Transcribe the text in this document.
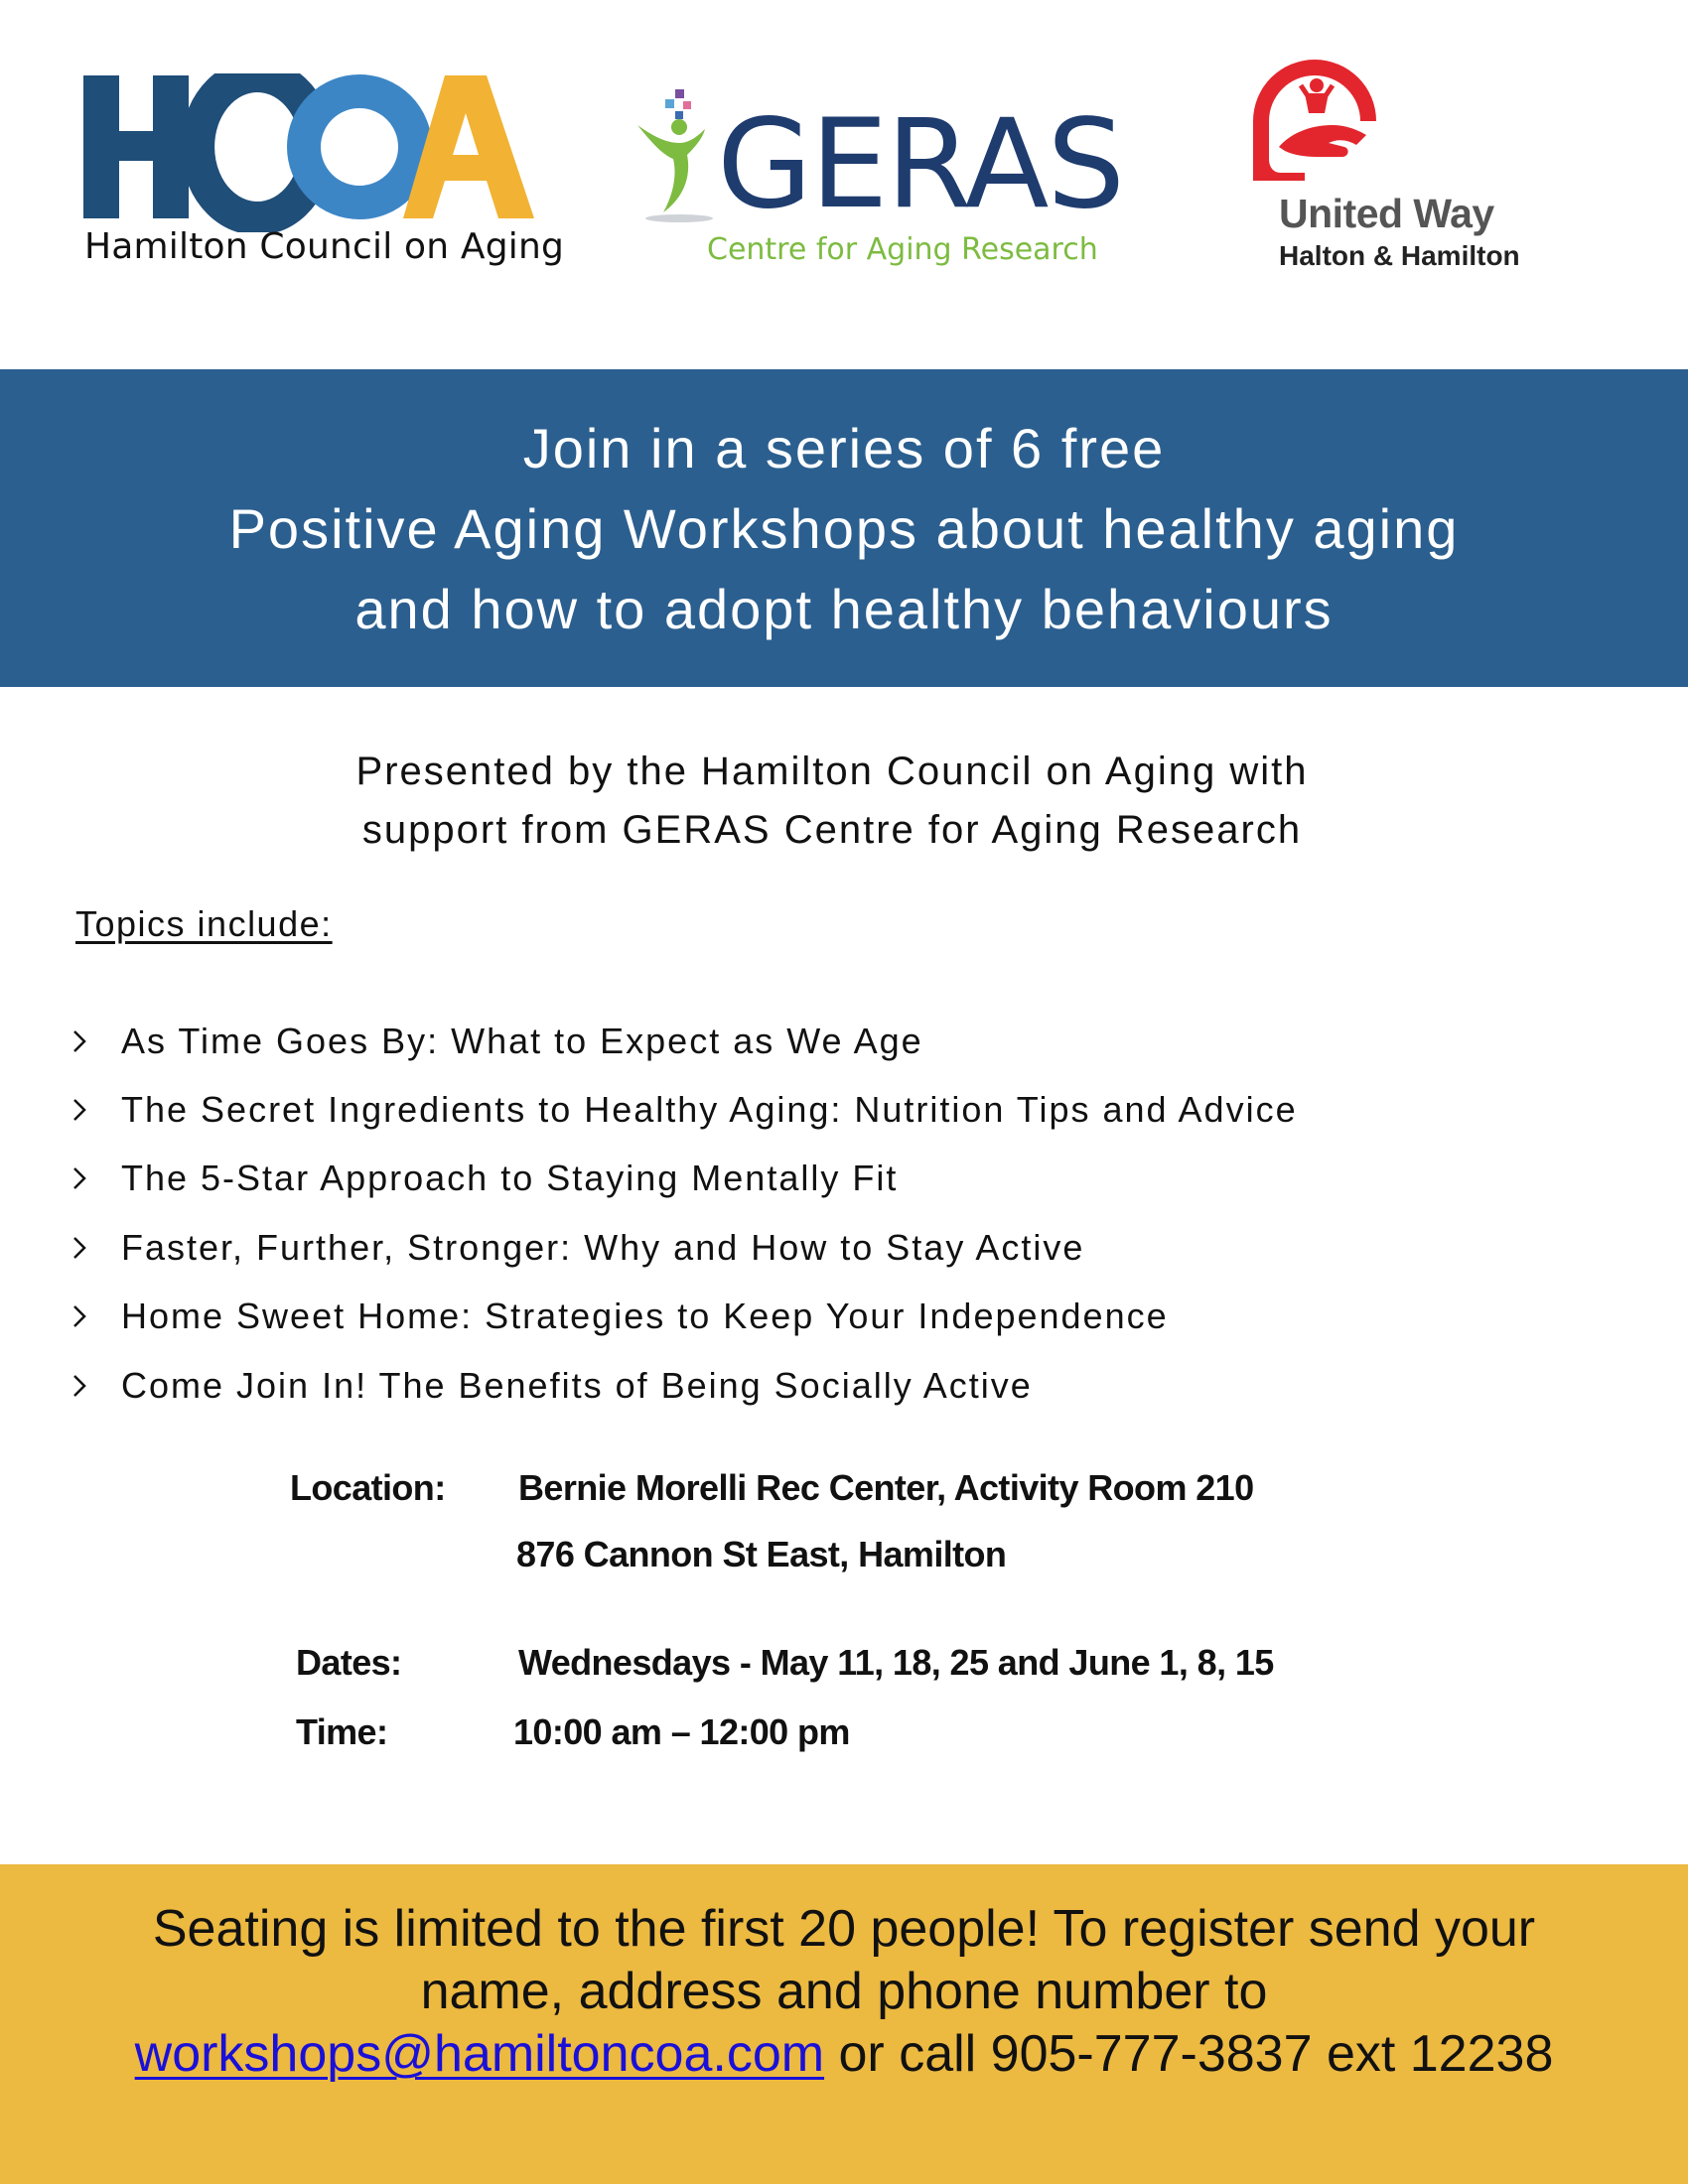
Hamilton Council on Aging
GERAS
Centre for Aging Research
United Way
Halton & Hamilton
Join in a series of 6 free
Positive Aging Workshops about healthy aging
and how to adopt healthy behaviours
Presented by the Hamilton Council on Aging with
support from GERAS Centre for Aging Research
Topics include:
As Time Goes By: What to Expect as We Age
The Secret Ingredients to Healthy Aging: Nutrition Tips and Advice
The 5-Star Approach to Staying Mentally Fit
Faster, Further, Stronger: Why and How to Stay Active
Home Sweet Home: Strategies to Keep Your Independence
Come Join In! The Benefits of Being Socially Active
Location: Bernie Morelli Rec Center, Activity Room 210
876 Cannon St East, Hamilton
Dates:	Wednesdays - May 11, 18, 25 and June 1, 8, 15
Time:	10:00 am – 12:00 pm
Seating is limited to the first 20 people! To register send your
name, address and phone number to
workshops@hamiltoncoa.com or call 905-777-3837 ext 12238
